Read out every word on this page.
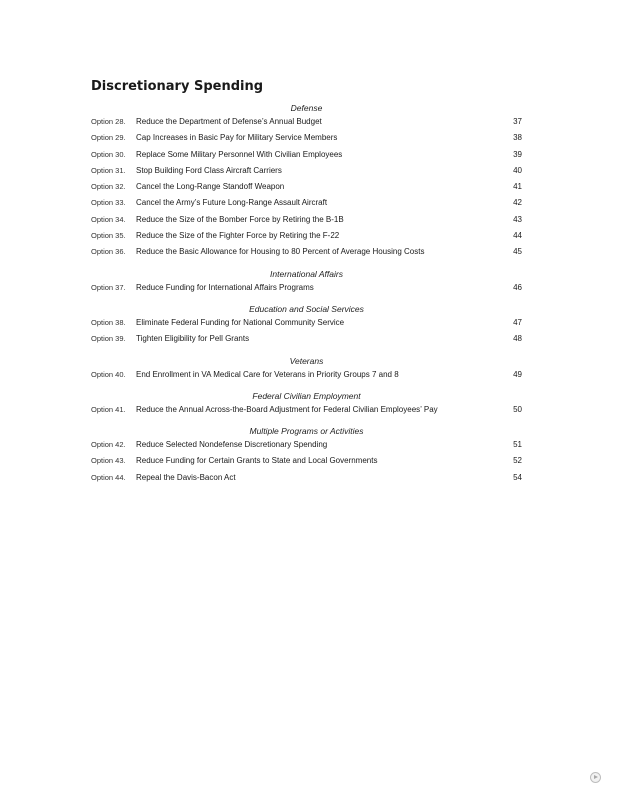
Discretionary Spending
Defense
Option 28.	Reduce the Department of Defense’s Annual Budget	37
Option 29.	Cap Increases in Basic Pay for Military Service Members	38
Option 30.	Replace Some Military Personnel With Civilian Employees	39
Option 31.	Stop Building Ford Class Aircraft Carriers	40
Option 32.	Cancel the Long-Range Standoff Weapon	41
Option 33.	Cancel the Army’s Future Long-Range Assault Aircraft	42
Option 34.	Reduce the Size of the Bomber Force by Retiring the B-1B	43
Option 35.	Reduce the Size of the Fighter Force by Retiring the F-22	44
Option 36.	Reduce the Basic Allowance for Housing to 80 Percent of Average Housing Costs	45
International Affairs
Option 37.	Reduce Funding for International Affairs Programs	46
Education and Social Services
Option 38.	Eliminate Federal Funding for National Community Service	47
Option 39.	Tighten Eligibility for Pell Grants	48
Veterans
Option 40.	End Enrollment in VA Medical Care for Veterans in Priority Groups 7 and 8	49
Federal Civilian Employment
Option 41.	Reduce the Annual Across-the-Board Adjustment for Federal Civilian Employees’ Pay	50
Multiple Programs or Activities
Option 42.	Reduce Selected Nondefense Discretionary Spending	51
Option 43.	Reduce Funding for Certain Grants to State and Local Governments	52
Option 44.	Repeal the Davis-Bacon Act	54
